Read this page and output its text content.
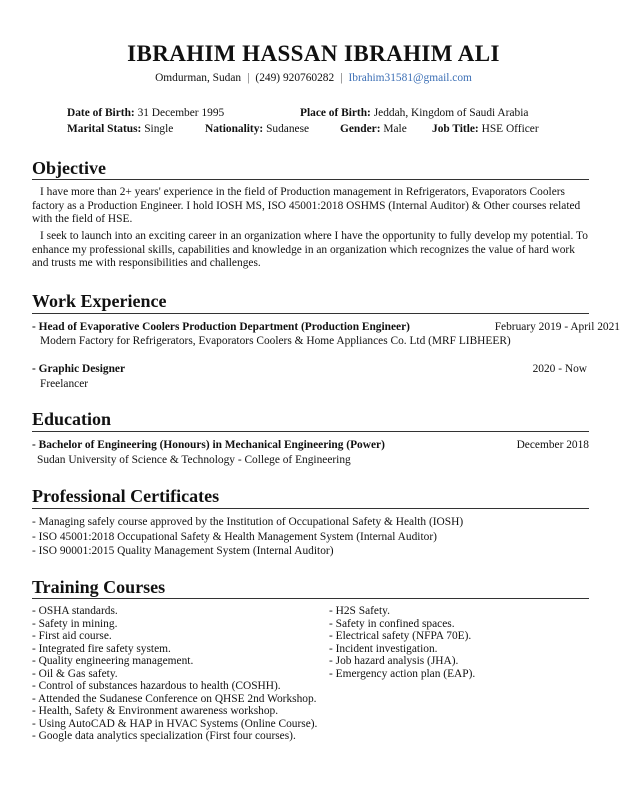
IBRAHIM HASSAN IBRAHIM ALI
Omdurman, Sudan | (249) 920760282 | Ibrahim31581@gmail.com
Date of Birth: 31 December 1995	Place of Birth: Jeddah, Kingdom of Saudi Arabia
Marital Status: Single	Nationality: Sudanese	Gender: Male Job Title: HSE Officer
Objective
I have more than 2+ years' experience in the field of Production management in Refrigerators, Evaporators Coolers factory as a Production Engineer. I hold IOSH MS, ISO 45001:2018 OSHMS (Internal Auditor) & Other courses related with the field of HSE.
I seek to launch into an exciting career in an organization where I have the opportunity to fully develop my potential. To enhance my professional skills, capabilities and knowledge in an organization which recognizes the value of hard work and trusts me with responsibilities and challenges.
Work Experience
- Head of Evaporative Coolers Production Department (Production Engineer)	February 2019 - April 2021
Modern Factory for Refrigerators, Evaporators Coolers & Home Appliances Co. Ltd (MRF LIBHEER)
- Graphic Designer	2020 - Now
Freelancer
Education
- Bachelor of Engineering (Honours) in Mechanical Engineering (Power)	December 2018
Sudan University of Science & Technology - College of Engineering
Professional Certificates
- Managing safely course approved by the Institution of Occupational Safety & Health (IOSH)
- ISO 45001:2018 Occupational Safety & Health Management System (Internal Auditor)
- ISO 90001:2015 Quality Management System (Internal Auditor)
Training Courses
- OSHA standards.
- Safety in mining.
- First aid course.
- Integrated fire safety system.
- Quality engineering management.
- Oil & Gas safety.
- Control of substances hazardous to health (COSHH).
- Attended the Sudanese Conference on QHSE 2nd Workshop.
- Health, Safety & Environment awareness workshop.
- Using AutoCAD & HAP in HVAC Systems (Online Course).
- Google data analytics specialization (First four courses).
- H2S Safety.
- Safety in confined spaces.
- Electrical safety (NFPA 70E).
- Incident investigation.
- Job hazard analysis (JHA).
- Emergency action plan (EAP).
